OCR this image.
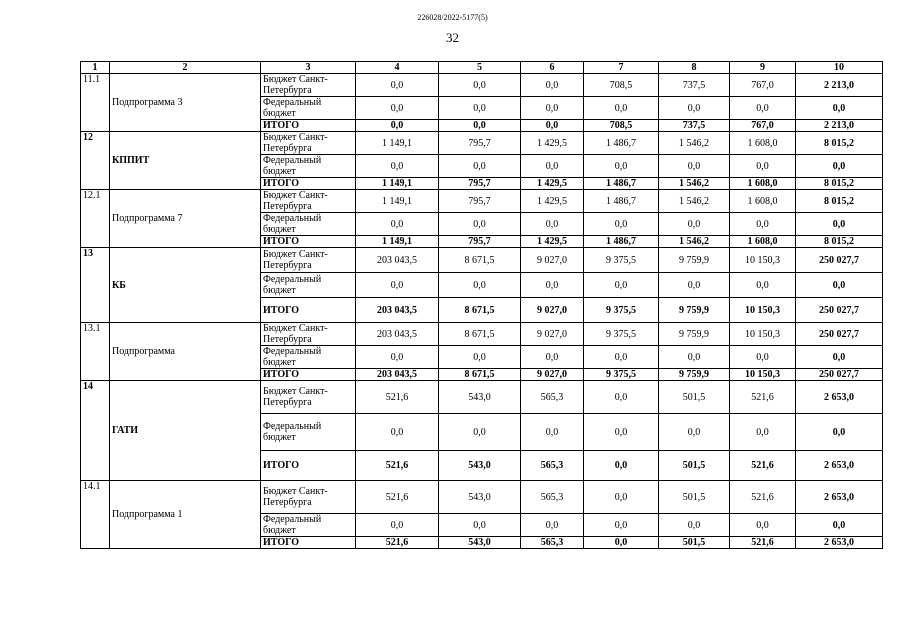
226028/2022-5177(5)
32
1	2	3	4	5	6	7	8	9	10
11.1	Подпрограмма 3	Бюджет Санкт-Петербурга	0,0	0,0	0,0	708,5	737,5	767,0	2 213,0
		Федеральный бюджет	0,0	0,0	0,0	0,0	0,0	0,0	0,0
		ИТОГО	0,0	0,0	0,0	708,5	737,5	767,0	2 213,0
12	КППИТ	Бюджет Санкт-Петербурга	1 149,1	795,7	1 429,5	1 486,7	1 546,2	1 608,0	8 015,2
		Федеральный бюджет	0,0	0,0	0,0	0,0	0,0	0,0	0,0
		ИТОГО	1 149,1	795,7	1 429,5	1 486,7	1 546,2	1 608,0	8 015,2
12.1	Подпрограмма 7	Бюджет Санкт-Петербурга	1 149,1	795,7	1 429,5	1 486,7	1 546,2	1 608,0	8 015,2
		Федеральный бюджет	0,0	0,0	0,0	0,0	0,0	0,0	0,0
		ИТОГО	1 149,1	795,7	1 429,5	1 486,7	1 546,2	1 608,0	8 015,2
13	КБ	Бюджет Санкт-Петербурга	203 043,5	8 671,5	9 027,0	9 375,5	9 759,9	10 150,3	250 027,7
		Федеральный бюджет	0,0	0,0	0,0	0,0	0,0	0,0	0,0
		ИТОГО	203 043,5	8 671,5	9 027,0	9 375,5	9 759,9	10 150,3	250 027,7
13.1	Подпрограмма	Бюджет Санкт-Петербурга	203 043,5	8 671,5	9 027,0	9 375,5	9 759,9	10 150,3	250 027,7
		Федеральный бюджет	0,0	0,0	0,0	0,0	0,0	0,0	0,0
		ИТОГО	203 043,5	8 671,5	9 027,0	9 375,5	9 759,9	10 150,3	250 027,7
14	ГАТИ	Бюджет Санкт-Петербурга	521,6	543,0	565,3	0,0	501,5	521,6	2 653,0
		Федеральный бюджет	0,0	0,0	0,0	0,0	0,0	0,0	0,0
		ИТОГО	521,6	543,0	565,3	0,0	501,5	521,6	2 653,0
14.1	Подпрограмма 1	Бюджет Санкт-Петербурга	521,6	543,0	565,3	0,0	501,5	521,6	2 653,0
		Федеральный бюджет	0,0	0,0	0,0	0,0	0,0	0,0	0,0
		ИТОГО	521,6	543,0	565,3	0,0	501,5	521,6	2 653,0
